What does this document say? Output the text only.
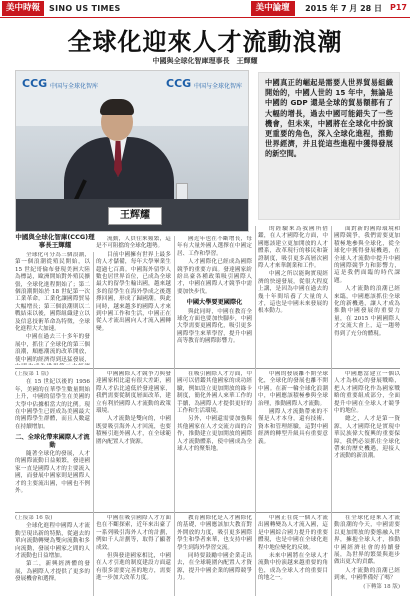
美中時報	SINO US TIMES	美中論壇	2015 年 7 月 28 日 P17
全球化迎來人才流動浪潮
中國與全球化智庫理事長　王輝耀
CCG 中国与全球化智库	CCG 中国与全球化智库
王辉耀
中國真正的崛起是需要人世界貿易組織開始的，中國人世的 15 年中，無論是中國的 GDP 還是全球的貿易額都有了大幅的增長，過去中國可能錯失了一些機會，但未來，中國將在全球化中扮演更重要的角色，深入全球化進程，推動世界經濟，并且從這些進程中獲得發展的新空間。
中國與全球化智庫(CCG)理事長王輝耀

全球化可分為三個浪潮，第一個浪潮從殖民開始，以 15 世紀哥倫布發現美洲大陸為標誌，歐洲開始對外殖民擴張，全球化進程開始了；第二個浪潮開始於 18 世紀第一次工業革命，工業化讓國際貿易大幅增長；第三個浪潮則以二戰結束以後，國際組織建立以及信息技術革命為特徵，全球化進程大大加速。

中國在過去三十多年的發展中，抓住了全球化的第三個浪潮，順應潮流的改革開放，使中國的經濟得到迅猛發展，

流動，人員往來頻繁，這是不可阻擋的全球化趨勢。

目前中國擁有世界上最多的人才儲備，每年大學畢業生超過七百萬。中國海外留學人數也居世界首位，已成為全球最大的留學生輸出國，越來越多的留學生在海外學成之後選擇回國，形成了歸國潮。與此同時，越來越多的國際人才來到中國工作和生活，中國正在從人才流出國向人才流入國轉變。

國近年也在不斷增長，每年有大量外國人選擇在中國定居、工作和學習。

人才國際化已經成為國際競爭的重要方面。發達國家紛紛出臺各種政策吸引國際人才，中國在國際人才競爭中需要加快步伐。

中國大學要更國際化

與此同時，中國在教育全球化方面也要加快腳步，中國大學需要更國際化，吸引更多國際學生來華學習，提升中國高等教育的國際影響力。

的經驗來為我國所借鑑，在人才國際化方面，中國應該建立更加開放的人才體系，改革現行的移民和簽證制度，吸引更多高層次國際人才來華創業和工作。

中國之所以能夠實現經濟的快速發展，從很大程度上講，是因為中國在過去的幾十年間培養了大量的人才，這也是中國未來發展的根本動力。

面對新的國際環境和國際競爭，我們需要更加積極地參與全球化，從全球化中獲得發展機遇，在全球人才流動中提升中國的國際競爭力和影響力，這是我們面臨的時代課題。

人才流動的浪潮已經來臨，中國應該抓住全球化的新機遇，讓人才成為推動中國發展的重要力量，在 2015 中國國際人才交流大會上，這一趨勢得到了充分的體現。

(上接第 1 版)

在 15 世紀以後的 1956 年，美國的在華學生數量開始上升，中國的留學生在美國的大學中佔據相當大的比例。現在中國學生已經成為美國最大的國際學生群體，而且人數還在持續增加。

二、全球化帶來國際人才流動

隨著全球化的發展，人才的國際流動日益頻繁，發達國家一直是國際人才的主要流入國，而發展中國家則是國際人才的主要流出國，中國也不例外。

中國國際人才競爭力與發達國家相比還有很大差距，國際人才佔比遠低於發達國家，我們需要從制度層面改革，建立有利於國際人才流動的政策環境。

人才流動是雙向的，中國既要吸引海外人才回流，也要積極引進外國人才，在全球範圍內配置人才資源。

在吸引國際人才方面，中國可以借鑑其他國家的成功經驗，例如設立更加開放的綠卡制度，簡化外國人來華工作的手續，為國際人才提供更好的工作和生活環境。

另外，中國還需要加強與其他國家在人才交流方面的合作，推動建立更加開放的國際人才流動體系，使中國成為全球人才的聚集地。

中國的發展離不開全球化，全球化的發展也離不開中國。在新一輪全球化浪潮中，中國應該積極參與全球治理，推動國際人才流動。

國際人才流動帶來的不僅是人才本身，還有技術、資本和管理經驗，這對中國經濟的轉型升級具有重要意義。

中國應當建立一個以人才為核心的發展戰略，把人才國際化作為國家戰略的重要組成部分，全面提升中國在全球人才競爭中的地位。

總之，人才是第一資源，人才國際化是實現中華民族偉大復興的重要保障，我們必須抓住全球化帶來的歷史機遇，迎接人才流動的新浪潮。

(上接第 16 版)

全球化進程中國際人才流動呈現出新的特點，從過去的單向流動轉變為雙向流動和多向流動，發展中國家之間的人才流動也日益增加。

第二，新興經濟體的發展，為國際人才提供了更多的發展機會和選擇。

中國在吸引國際人才方面也在不斷探索，近年來出臺了一系列吸引海外人才的計劃，例如千人計劃等，取得了顯著成效。

但與發達國家相比，中國在人才引進的制度建設方面還有很多需要完善的地方，需要進一步加大改革力度。

教育國際化是人才國際化的基礎，中國應該加大教育對外開放的力度，吸引更多國際學生和學者來華，也支持中國學生到海外學習交流。

同時要鼓勵中國企業走出去，在全球範圍內配置人才資源，提升中國企業的國際競爭力。

中國正在從一個人才流出國轉變為人才流入國，這是中國綜合國力提升的重要體現，也是中國在全球化進程中地位變化的反映。

未來中國將在全球人才流動中扮演越來越重要的角色，成為全球人才的重要目的地之一。

在全球化迎來人才流動浪潮的今天，中國需要以更加開放的姿態融入世界，擁抱全球人才，推動中國經濟社會的持續發展，為世界的繁榮與進步做出更大的貢獻。

人才流動的浪潮已經到來，中國準備好了嗎？

(下轉第 18 版)
